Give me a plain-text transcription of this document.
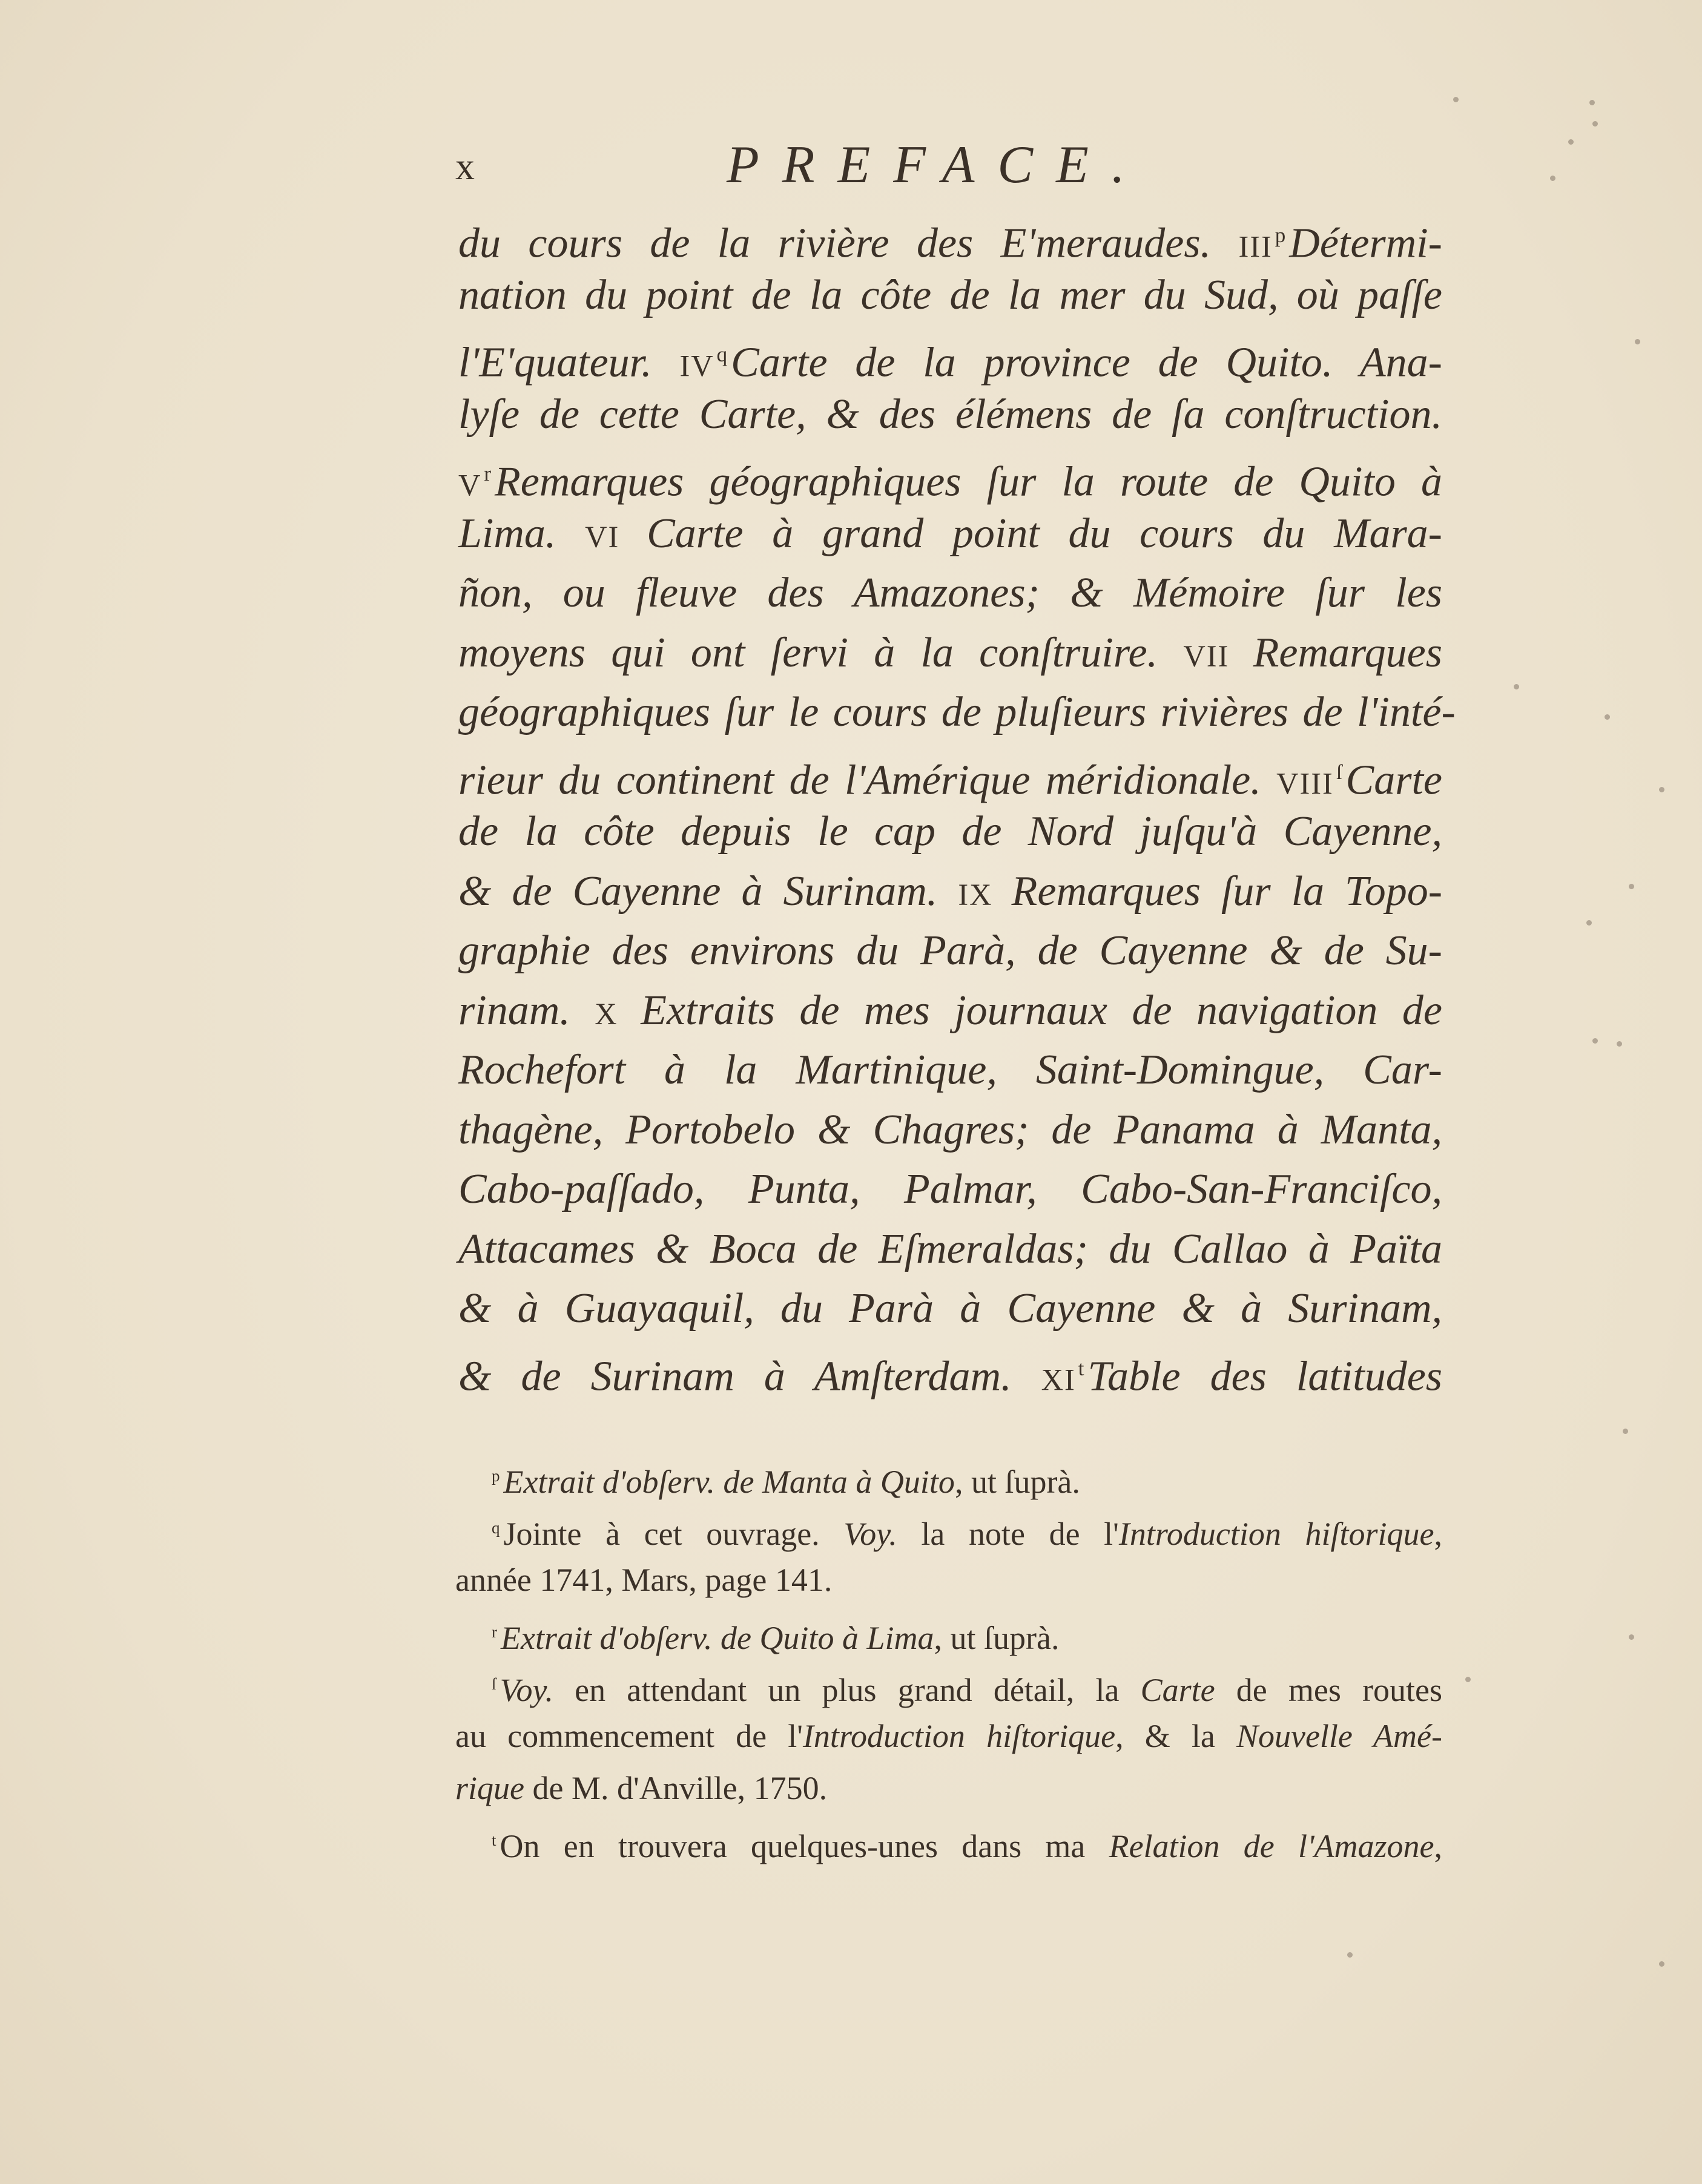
x	PREFACE.
du cours de la rivière des E'meraudes. III $^p$Détermi-
nation du point de la côte de la mer du Sud, où paſſe
l'E'quateur. IV $^q$Carte de la province de Quito. Ana-
lyſe de cette Carte, & des élémens de ſa conſtruction.
V $^r$Remarques géographiques ſur la route de Quito à
Lima. VI Carte à grand point du cours du Mara-
ñon, ou fleuve des Amazones; & Mémoire ſur les
moyens qui ont ſervi à la conſtruire. VII Remarques
géographiques ſur le cours de pluſieurs rivières de l'inté-
rieur du continent de l'Amérique méridionale. VIII $^ſ$Carte
de la côte depuis le cap de Nord juſqu'à Cayenne,
& de Cayenne à Surinam. IX Remarques ſur la Topo-
graphie des environs du Parà, de Cayenne & de Su-
rinam. X Extraits de mes journaux de navigation de
Rochefort à la Martinique, Saint-Domingue, Car-
thagène, Portobelo & Chagres; de Panama à Manta,
Cabo-paſſado, Punta, Palmar, Cabo-San-Franciſco,
Attacames & Boca de Eſmeraldas; du Callao à Païta
& à Guayaquil, du Parà à Cayenne & à Surinam,
& de Surinam à Amſterdam. XI $^t$Table des latitudes
$^p$ Extrait d'obſerv. de Manta à Quito, ut ſuprà.
$^q$ Jointe à cet ouvrage. Voy. la note de l'Introduction hiſtorique,
année 1741, Mars, page 141.
$^r$ Extrait d'obſerv. de Quito à Lima, ut ſuprà.
$^ſ$ Voy. en attendant un plus grand détail, la Carte de mes routes
au commencement de l'Introduction hiſtorique, & la Nouvelle Amé-
rique de M. d'Anville, 1750.
$^t$ On en trouvera quelques-unes dans ma Relation de l'Amazone,
